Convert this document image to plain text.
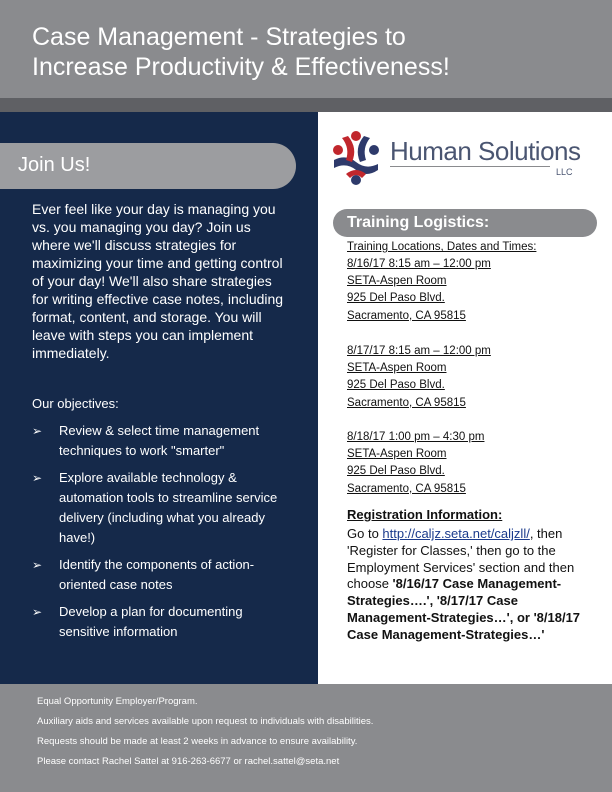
Case Management - Strategies to
Increase Productivity & Effectiveness!
Join Us!
Ever feel like your day is managing you vs. you managing you day? Join us where we'll discuss strategies for maximizing your time and getting control of your day! We'll also share strategies for writing effective case notes, including format, content, and storage. You will leave with steps you can implement immediately.
Our objectives:
➢ Review & select time management techniques to work "smarter"
➢ Explore available technology & automation tools to streamline service delivery (including what you already have!)
➢ Identify the components of action-oriented case notes
➢ Develop a plan for documenting sensitive information
Human Solutions
LLC
Training Logistics:
Training Locations, Dates and Times:
8/16/17 8:15 am – 12:00 pm
SETA-Aspen Room
925 Del Paso Blvd.
Sacramento, CA 95815
8/17/17 8:15 am – 12:00 pm
SETA-Aspen Room
925 Del Paso Blvd.
Sacramento, CA 95815
8/18/17 1:00 pm – 4:30 pm
SETA-Aspen Room
925 Del Paso Blvd.
Sacramento, CA 95815
Registration Information:
Go to http://caljz.seta.net/caljzll/, then 'Register for Classes,' then go to the Employment Services' section and then choose '8/16/17 Case Management-Strategies….', '8/17/17 Case Management-Strategies…', or '8/18/17 Case Management-Strategies…'
Equal Opportunity Employer/Program.
Auxiliary aids and services available upon request to individuals with disabilities.
Requests should be made at least 2 weeks in advance to ensure availability.
Please contact Rachel Sattel at 916-263-6677 or rachel.sattel@seta.net
